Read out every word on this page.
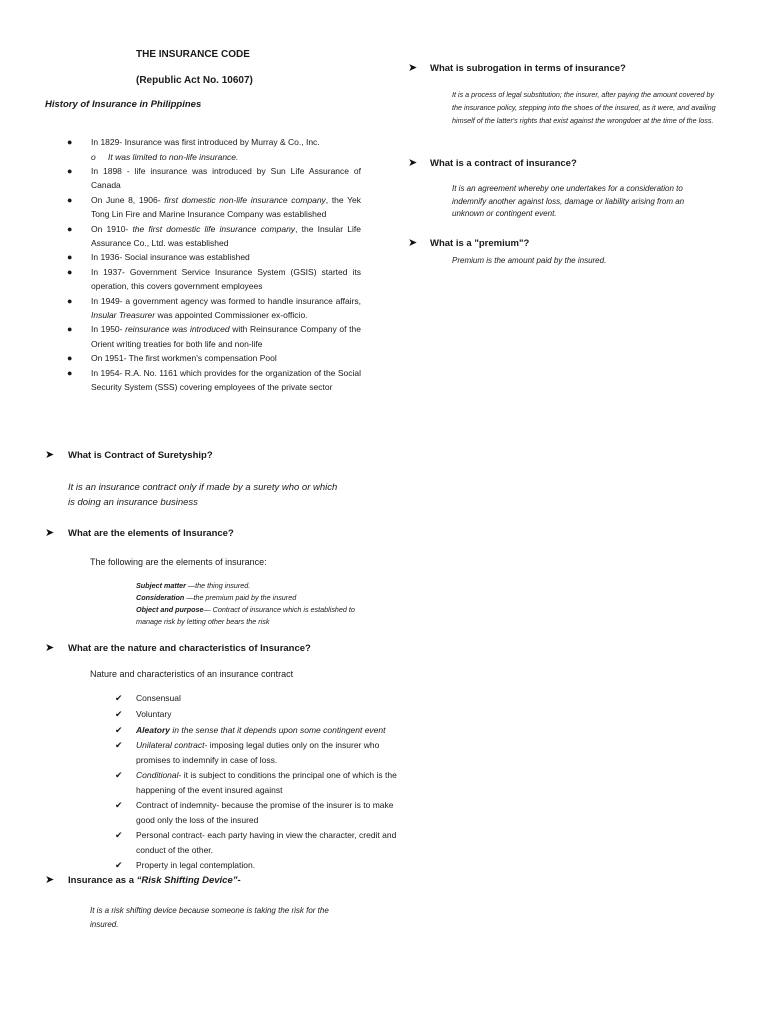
THE INSURANCE CODE
(Republic Act No. 10607)
History of Insurance in Philippines
● In 1829- Insurance was first introduced by Murray & Co., Inc.
o It was limited to non-life insurance.
● In 1898 - life insurance was introduced by Sun Life Assurance of Canada
● On June 8, 1906- first domestic non-life insurance company, the Yek Tong Lin Fire and Marine Insurance Company was established
● On 1910- the first domestic life insurance company, the Insular Life Assurance Co., Ltd. was established
● In 1936- Social insurance was established
● In 1937- Government Service Insurance System (GSIS) started its operation, this covers government employees
● In 1949- a government agency was formed to handle insurance affairs, Insular Treasurer was appointed Commissioner ex-officio.
● In 1950- reinsurance was introduced with Reinsurance Company of the Orient writing treaties for both life and non-life
● On 1951- The first workmen's compensation Pool
● In 1954- R.A. No. 1161 which provides for the organization of the Social Security System (SSS) covering employees of the private sector
➤ What is Contract of Suretyship?
It is an insurance contract only if made by a surety who or which is doing an insurance business
➤ What are the elements of Insurance?
The following are the elements of insurance:
Subject matter —the thing insured.
Consideration —the premium paid by the insured
Object and purpose— Contract of insurance which is established to manage risk by letting other bears the risk
➤ What are the nature and characteristics of Insurance?
Nature and characteristics of an insurance contract
✔ Consensual
✔ Voluntary
✔ Aleatory in the sense that it depends upon some contingent event
✔ Unilateral contract- imposing legal duties only on the insurer who promises to indemnify in case of loss.
✔ Conditional- it is subject to conditions the principal one of which is the happening of the event insured against
✔ Contract of indemnity- because the promise of the insurer is to make good only the loss of the insured
✔ Personal contract- each party having in view the character, credit and conduct of the other.
✔ Property in legal contemplation.
➤ Insurance as a “Risk Shifting Device”-
It is a risk shifting device because someone is taking the risk for the insured.
➤ What is subrogation in terms of insurance?
It is a process of legal substitution; the insurer, after paying the amount covered by the insurance policy, stepping into the shoes of the insured, as it were, and availing himself of the latter's rights that exist against the wrongdoer at the time of the loss.
➤ What is a contract of insurance?
It is an agreement whereby one undertakes for a consideration to indemnify another against loss, damage or liability arising from an unknown or contingent event.
➤ What is a "premium"?
Premium is the amount paid by the insured.
